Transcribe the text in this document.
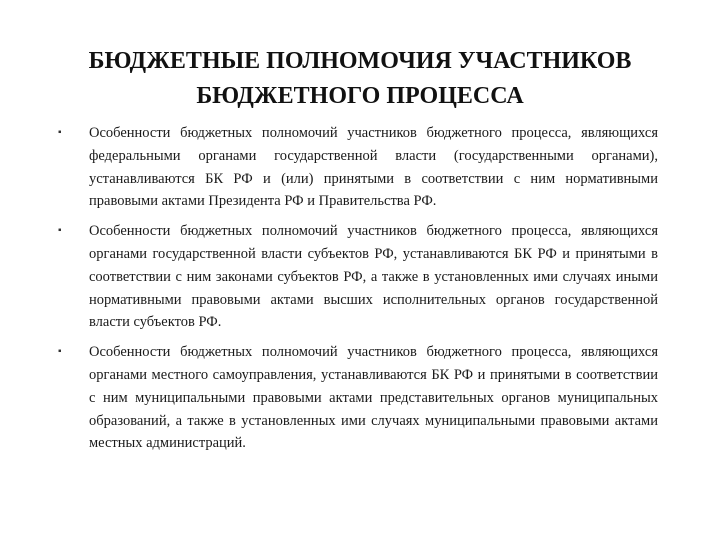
БЮДЖЕТНЫЕ ПОЛНОМОЧИЯ УЧАСТНИКОВ БЮДЖЕТНОГО ПРОЦЕССА
▪ Особенности бюджетных полномочий участников бюджетного процесса, являющихся федеральными органами государственной власти (государственными органами), устанавливаются БК РФ и (или) принятыми в соответствии с ним нормативными правовыми актами Президента РФ и Правительства РФ.
▪ Особенности бюджетных полномочий участников бюджетного процесса, являющихся органами государственной власти субъектов РФ, устанавливаются БК РФ и принятыми в соответствии с ним законами субъектов РФ, а также в установленных ими случаях иными нормативными правовыми актами высших исполнительных органов государственной власти субъектов РФ.
▪ Особенности бюджетных полномочий участников бюджетного процесса, являющихся органами местного самоуправления, устанавливаются БК РФ и принятыми в соответствии с ним муниципальными правовыми актами представительных органов муниципальных образований, а также в установленных ими случаях муниципальными правовыми актами местных администраций.
